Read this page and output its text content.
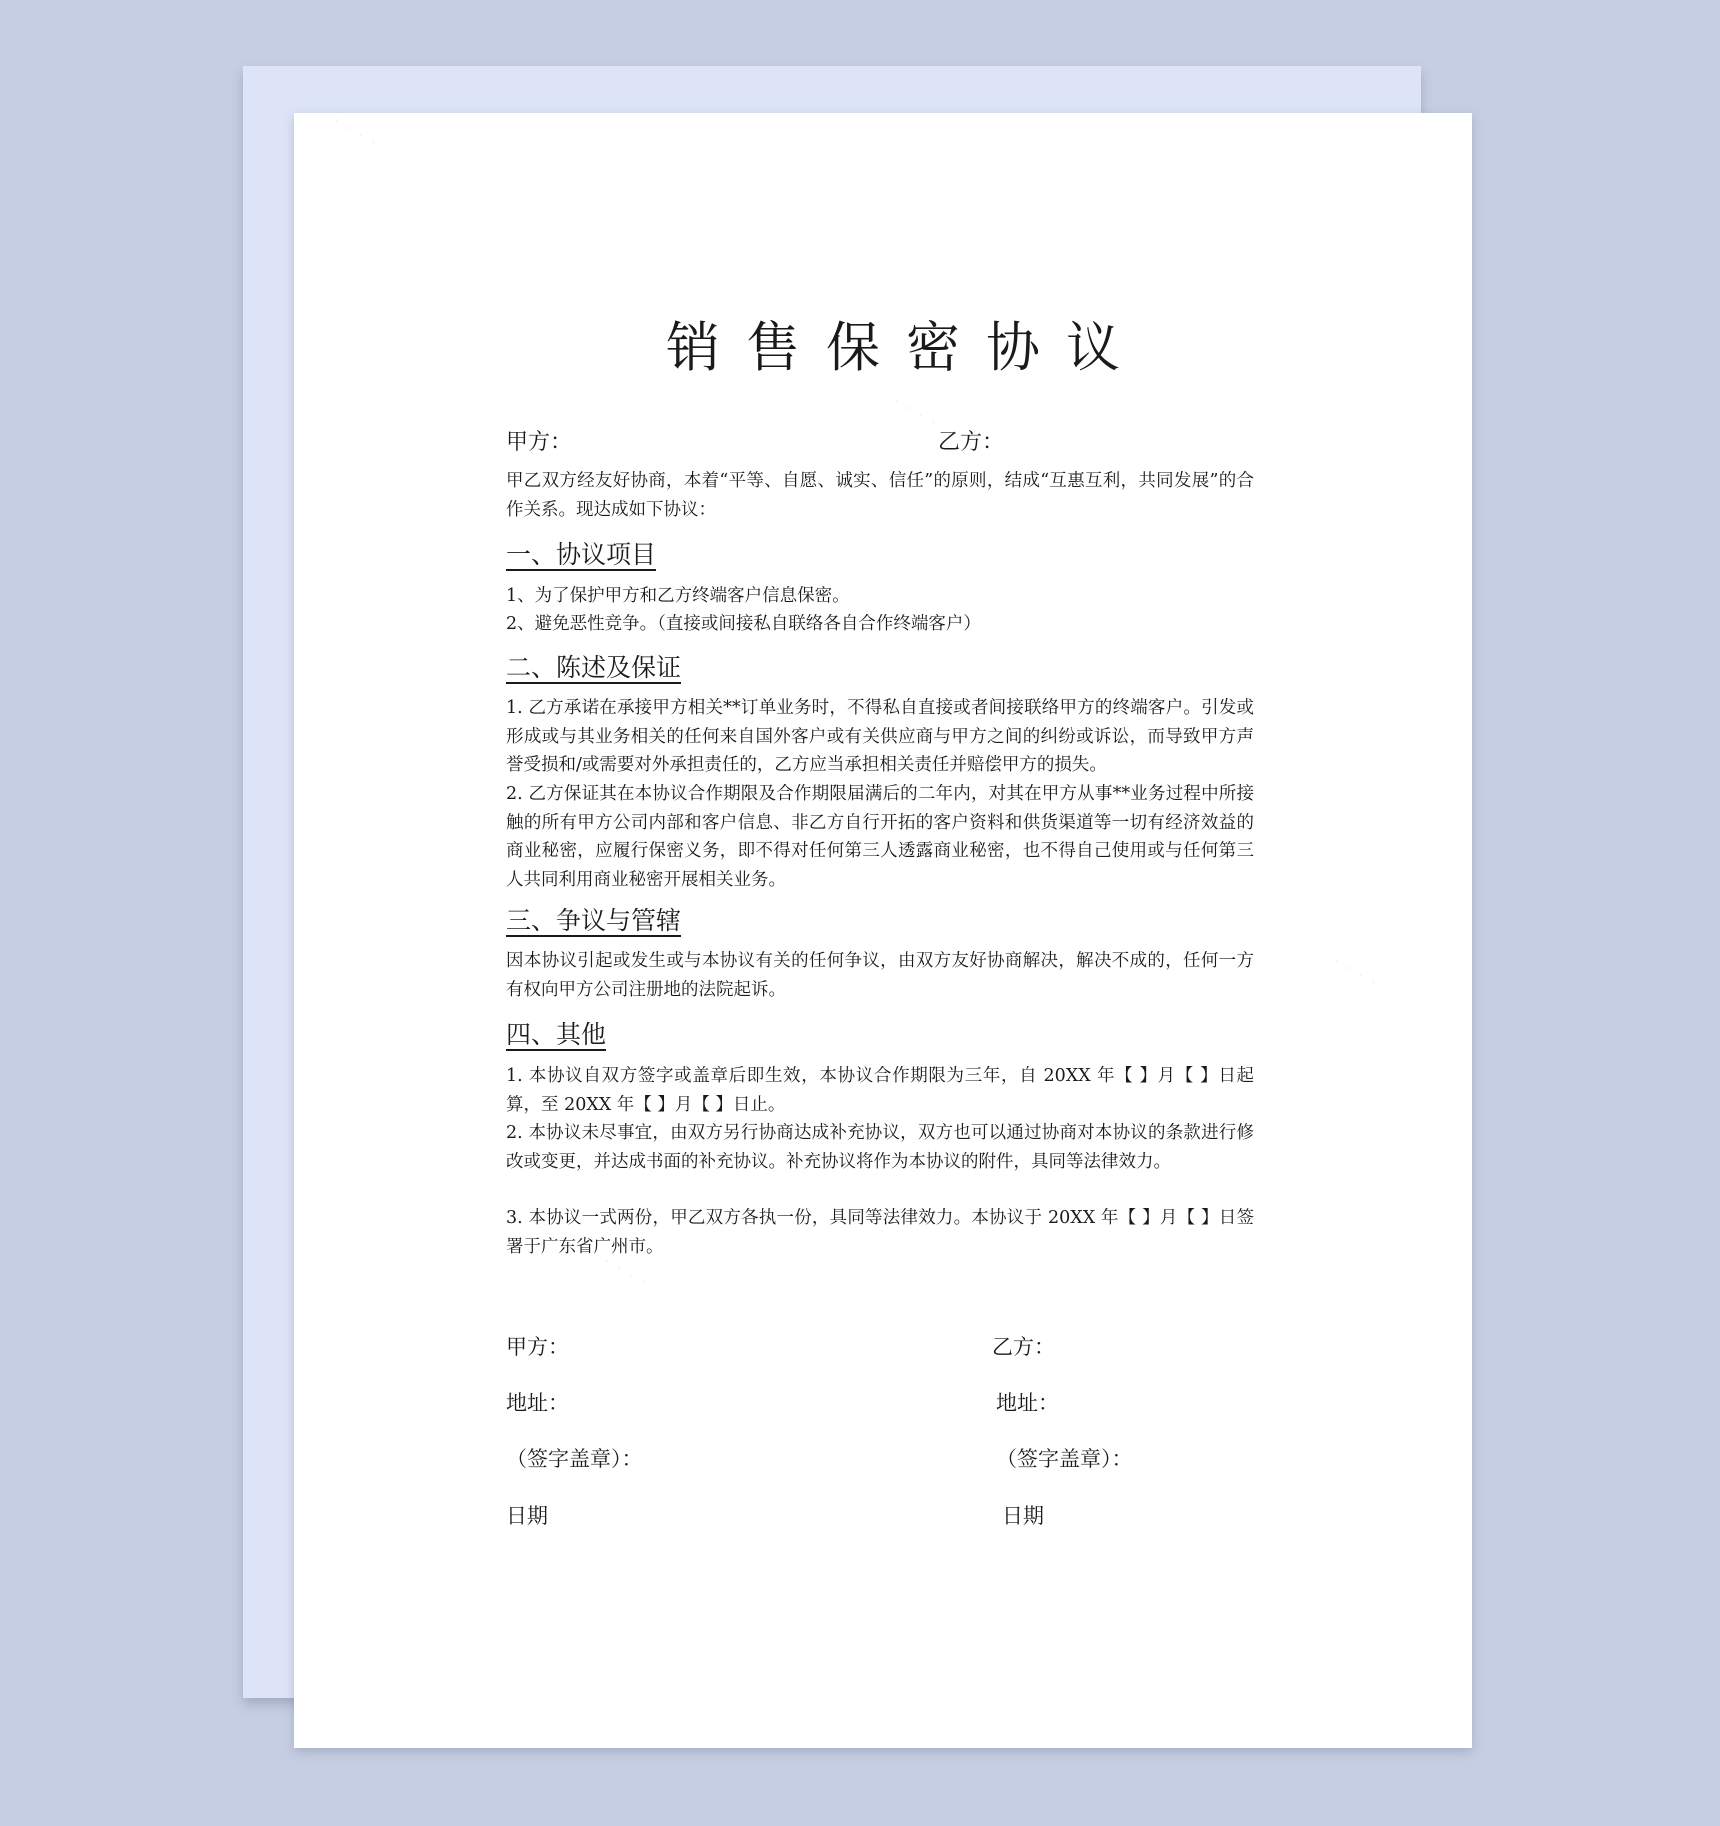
销售保密协议
甲方：	乙方：

甲乙双方经友好协商，本着“平等、自愿、诚实、信任”的原则，结成“互惠互利，共同发展”的合作关系。现达成如下协议：

一、协议项目

1、为了保护甲方和乙方终端客户信息保密。

2、避免恶性竞争。（直接或间接私自联络各自合作终端客户）

二、陈述及保证

1. 乙方承诺在承接甲方相关**订单业务时，不得私自直接或者间接联络甲方的终端客户。引发或形成或与其业务相关的任何来自国外客户或有关供应商与甲方之间的纠纷或诉讼，而导致甲方声誉受损和/或需要对外承担责任的，乙方应当承担相关责任并赔偿甲方的损失。

2. 乙方保证其在本协议合作期限及合作期限届满后的二年内，对其在甲方从事**业务过程中所接触的所有甲方公司内部和客户信息、非乙方自行开拓的客户资料和供货渠道等一切有经济效益的商业秘密，应履行保密义务，即不得对任何第三人透露商业秘密，也不得自己使用或与任何第三人共同利用商业秘密开展相关业务。

三、争议与管辖

因本协议引起或发生或与本协议有关的任何争议，由双方友好协商解决，解决不成的，任何一方有权向甲方公司注册地的法院起诉。

四、其他

1. 本协议自双方签字或盖章后即生效，本协议合作期限为三年，自 20XX 年【 】月【 】日起算，至 20XX 年【 】月【 】日止。

2. 本协议未尽事宜，由双方另行协商达成补充协议，双方也可以通过协商对本协议的条款进行修改或变更，并达成书面的补充协议。补充协议将作为本协议的附件，具同等法律效力。

3. 本协议一式两份，甲乙双方各执一份，具同等法律效力。本协议于 20XX 年【 】月【 】日签署于广东省广州市。

甲方：	乙方：
地址：	地址：
（签字盖章）：	（签字盖章）：
日期	日期
